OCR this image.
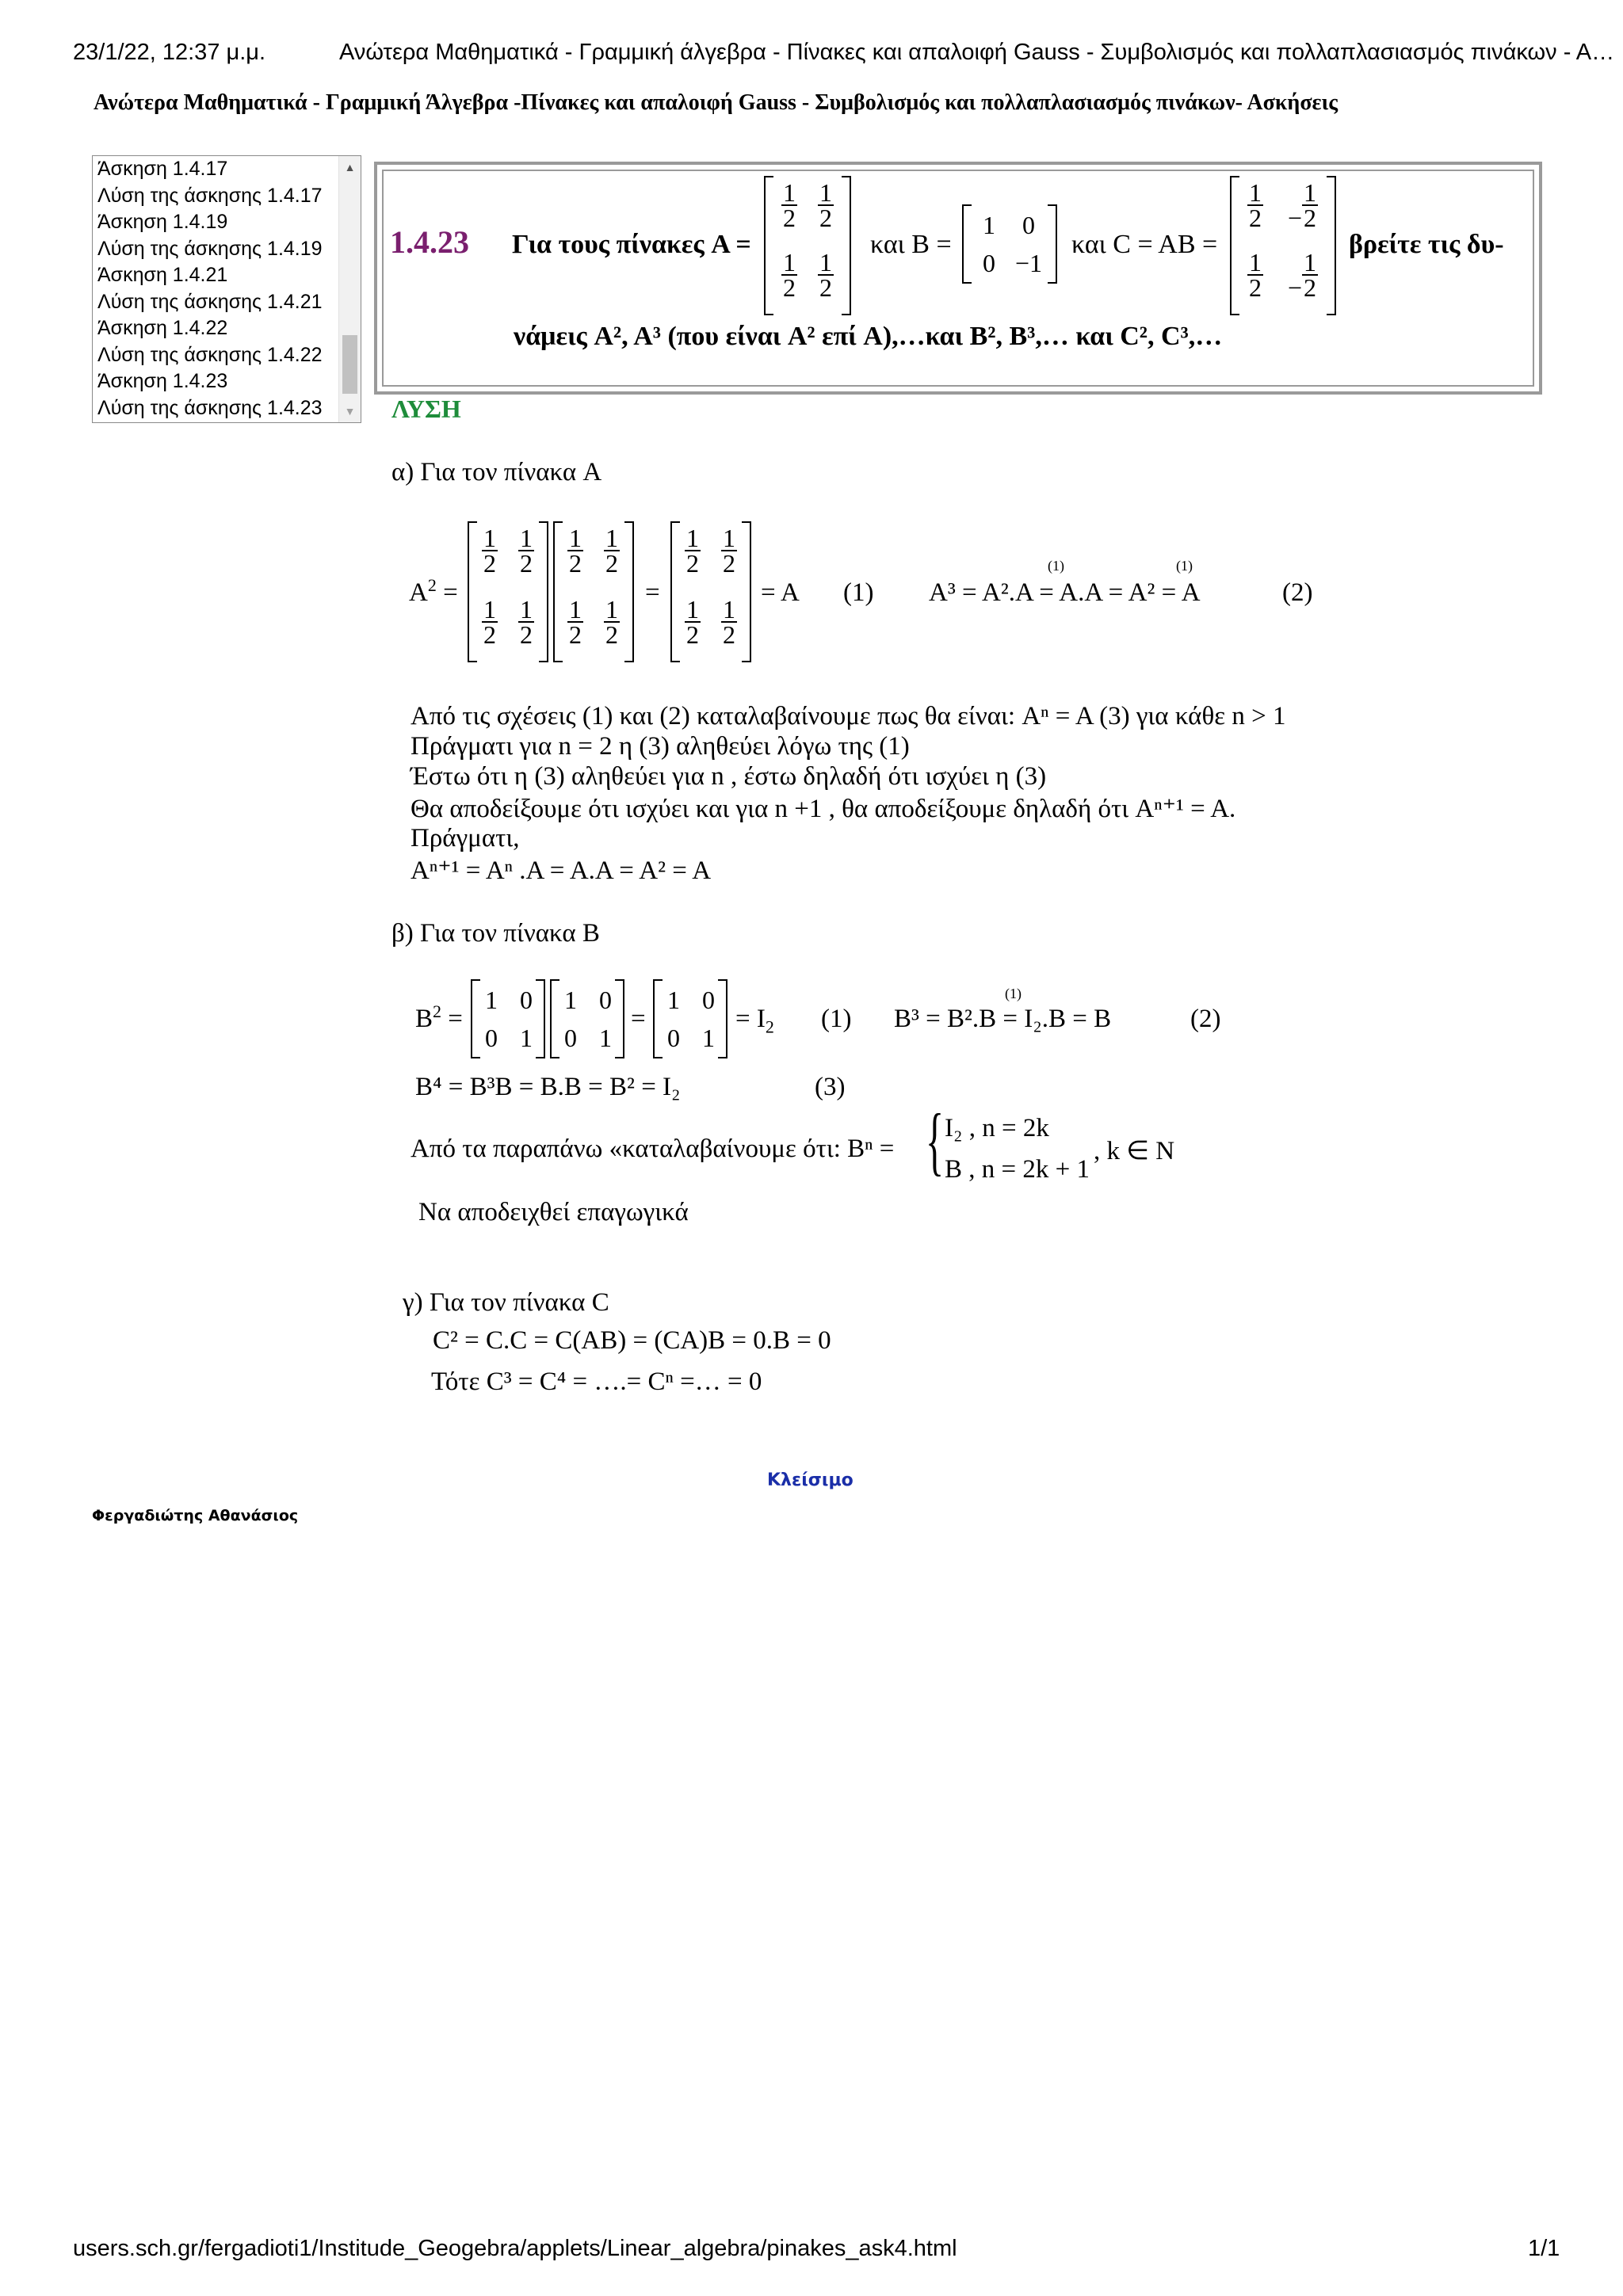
23/1/22, 12:37 μ.μ.	Ανώτερα Μαθηματικά - Γραμμική άλγεβρα - Πίνακες και απαλοιφή Gauss - Συμβολισμός και πολλαπλασιασμός πινάκων - Α…
Ανώτερα Μαθηματικά - Γραμμική Άλγεβρα -Πίνακες και απαλοιφή Gauss - Συμβολισμός και πολλαπλασιασμός πινάκων- Ασκήσεις
Άσκηση 1.4.17
Λύση της άσκησης 1.4.17
Άσκηση 1.4.19
Λύση της άσκησης 1.4.19
Άσκηση 1.4.21
Λύση της άσκησης 1.4.21
Άσκηση 1.4.22
Λύση της άσκησης 1.4.22
Άσκηση 1.4.23
Λύση της άσκησης 1.4.23
▲
▼
1.4.23 Για τους πίνακες A =
$\frac{1}{2} \frac{1}{2}$
$\frac{1}{2} \frac{1}{2}$
και B =
1	0
0 −1
και C = AB =
$\frac{1}{2} - \frac{1}{2}$
$\frac{1}{2} - \frac{1}{2}$
βρείτε τις δυ-
νάμεις A², A³ (που είναι A² επί A),…και B², B³,… και C², C³,…
ΛΥΣΗ
α) Για τον πίνακα A
$A^2$ =
$\frac{1}{2} \frac{1}{2}$
$\frac{1}{2} \frac{1}{2}$
$\frac{1}{2} \frac{1}{2}$
$\frac{1}{2} \frac{1}{2}$
=
$\frac{1}{2} \frac{1}{2}$
$\frac{1}{2} \frac{1}{2}$
= A (1)
(1)	(1)
A³ = A².A = A.A = A² = A	(2)
Από τις σχέσεις (1) και (2) καταλαβαίνουμε πως θα είναι: Aⁿ = A (3) για κάθε n > 1
Πράγματι για n = 2 η (3) αληθεύει λόγω της (1)
Έστω ότι η (3) αληθεύει για n , έστω δηλαδή ότι ισχύει η (3)
Θα αποδείξουμε ότι ισχύει και για n +1 , θα αποδείξουμε δηλαδή ότι Aⁿ⁺¹ = A.
Πράγματι,
Aⁿ⁺¹ = Aⁿ .A = A.A = A² = A
β) Για τον πίνακα B
$B^2$ =
1 0
0 1
1 0
0 1
=
1 0
0 1
= $I_2$ (1)
(1)
B³ = B².B = I₂.B = B	(2)
B⁴ = B³B = B.B = B² = I₂	(3)
Από τα παραπάνω «καταλαβαίνουμε ότι: Bⁿ = { I₂ , n = 2k
B , n = 2k + 1
, k ∈ N
Να αποδειχθεί επαγωγικά
γ) Για τον πίνακα C
C² = C.C = C(AB) = (CA)B = 0.B = 0
Τότε C³ = C⁴ = ….= Cⁿ =… = 0
Κλείσιμο
Φεργαδιώτης Αθανάσιος
users.sch.gr/fergadioti1/Institude_Geogebra/applets/Linear_algebra/pinakes_ask4.html	1/1
